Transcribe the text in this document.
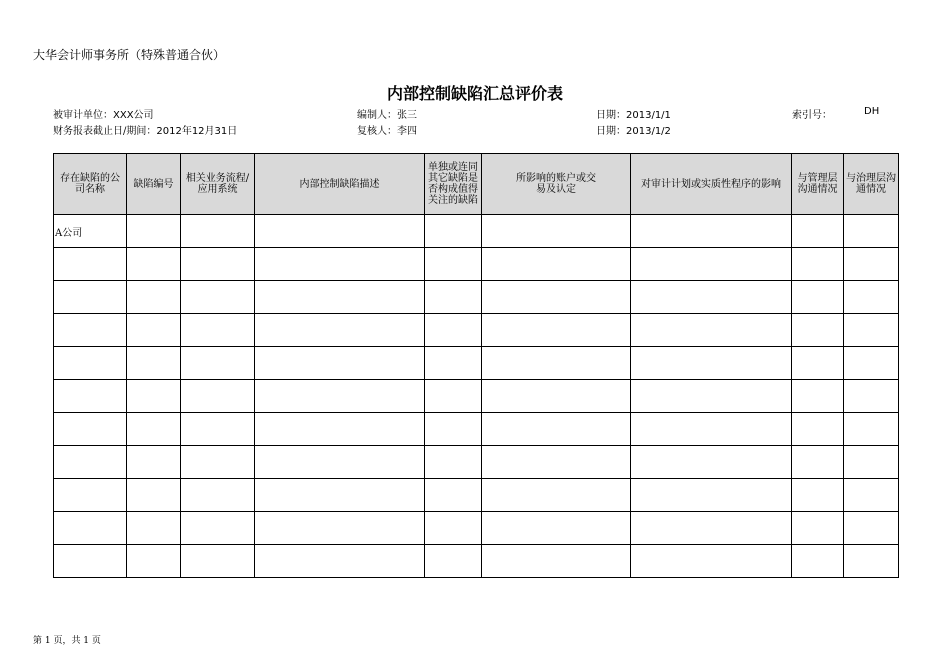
大华会计师事务所（特殊普通合伙）
内部控制缺陷汇总评价表
被审计单位：XXX公司	编制人：张三	日期：2013/1/1	索引号：	DH
财务报表截止日/期间：2012年12月31日	复核人：李四	日期：2013/1/2
存在缺陷的公司名称	缺陷编号	相关业务流程/应用系统	内部控制缺陷描述	单独或连同其它缺陷是否构成值得关注的缺陷	所影响的账户或交易及认定	对审计计划或实质性程序的影响	与管理层沟通情况	与治理层沟通情况
A公司								

第 1 页，共 1 页
